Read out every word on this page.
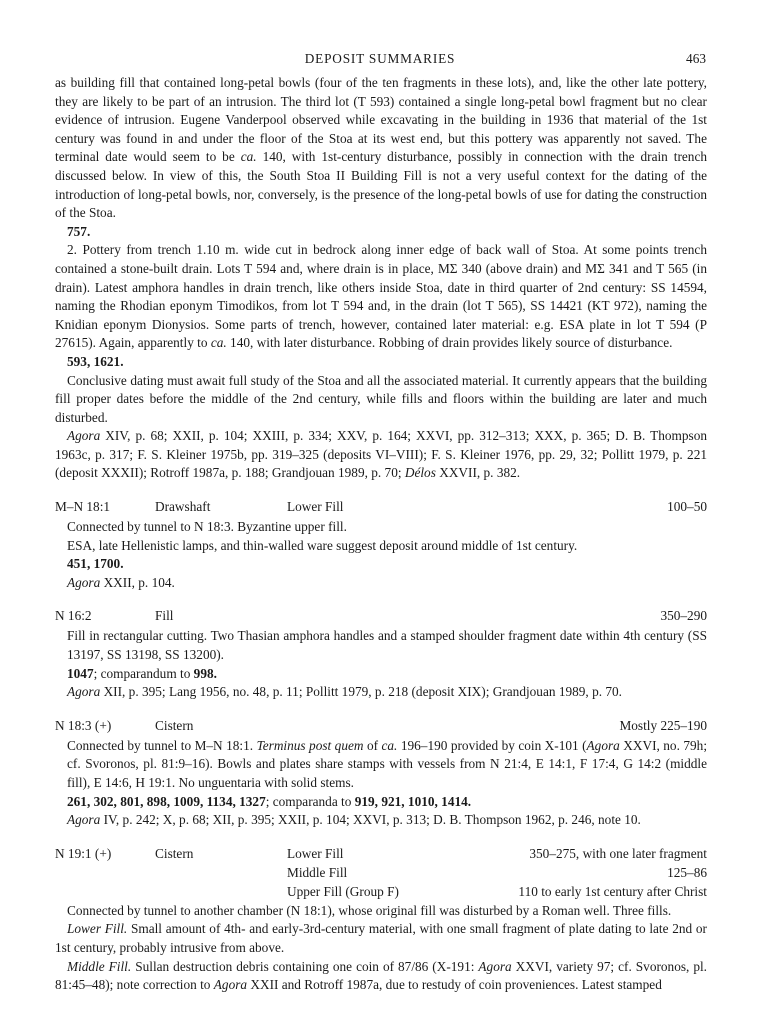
DEPOSIT SUMMARIES	463

as building fill that contained long-petal bowls (four of the ten fragments in these lots), and, like the other late pottery, they are likely to be part of an intrusion. The third lot (T 593) contained a single long-petal bowl fragment but no clear evidence of intrusion. Eugene Vanderpool observed while excavating in the building in 1936 that material of the 1st century was found in and under the floor of the Stoa at its west end, but this pottery was apparently not saved. The terminal date would seem to be ca. 140, with 1st-century disturbance, possibly in connection with the drain trench discussed below. In view of this, the South Stoa II Building Fill is not a very useful context for the dating of the introduction of long-petal bowls, nor, conversely, is the presence of the long-petal bowls of use for dating the construction of the Stoa.

757.

2. Pottery from trench 1.10 m. wide cut in bedrock along inner edge of back wall of Stoa. At some points trench contained a stone-built drain. Lots T 594 and, where drain is in place, ΜΣ 340 (above drain) and ΜΣ 341 and T 565 (in drain). Latest amphora handles in drain trench, like others inside Stoa, date in third quarter of 2nd century: SS 14594, naming the Rhodian eponym Timodikos, from lot T 594 and, in the drain (lot T 565), SS 14421 (KT 972), naming the Knidian eponym Dionysios. Some parts of trench, however, contained later material: e.g. ESA plate in lot T 594 (P 27615). Again, apparently to ca. 140, with later disturbance. Robbing of drain provides likely source of disturbance.

593, 1621.

Conclusive dating must await full study of the Stoa and all the associated material. It currently appears that the building fill proper dates before the middle of the 2nd century, while fills and floors within the building are later and much disturbed.

Agora XIV, p. 68; XXII, p. 104; XXIII, p. 334; XXV, p. 164; XXVI, pp. 312–313; XXX, p. 365; D. B. Thompson 1963c, p. 317; F. S. Kleiner 1975b, pp. 319–325 (deposits VI–VIII); F. S. Kleiner 1976, pp. 29, 32; Pollitt 1979, p. 221 (deposit XXXII); Rotroff 1987a, p. 188; Grandjouan 1989, p. 70; Délos XXVII, p. 382.

M–N 18:1	Drawshaft	Lower Fill	100–50

Connected by tunnel to N 18:3. Byzantine upper fill.

ESA, late Hellenistic lamps, and thin-walled ware suggest deposit around middle of 1st century.

451, 1700.

Agora XXII, p. 104.

N 16:2	Fill	350–290

Fill in rectangular cutting. Two Thasian amphora handles and a stamped shoulder fragment date within 4th century (SS 13197, SS 13198, SS 13200).

1047; comparandum to 998.

Agora XII, p. 395; Lang 1956, no. 48, p. 11; Pollitt 1979, p. 218 (deposit XIX); Grandjouan 1989, p. 70.

N 18:3 (+)	Cistern	Mostly 225–190

Connected by tunnel to M–N 18:1. Terminus post quem of ca. 196–190 provided by coin X-101 (Agora XXVI, no. 79h; cf. Svoronos, pl. 81:9–16). Bowls and plates share stamps with vessels from N 21:4, E 14:1, F 17:4, G 14:2 (middle fill), E 14:6, H 19:1. No unguentaria with solid stems.

261, 302, 801, 898, 1009, 1134, 1327; comparanda to 919, 921, 1010, 1414.

Agora IV, p. 242; X, p. 68; XII, p. 395; XXII, p. 104; XXVI, p. 313; D. B. Thompson 1962, p. 246, note 10.

N 19:1 (+)	Cistern	Lower Fill	350–275, with one later fragment
Middle Fill	125–86
Upper Fill (Group F)	110 to early 1st century after Christ

Connected by tunnel to another chamber (N 18:1), whose original fill was disturbed by a Roman well. Three fills.

Lower Fill. Small amount of 4th- and early-3rd-century material, with one small fragment of plate dating to late 2nd or 1st century, probably intrusive from above.

Middle Fill. Sullan destruction debris containing one coin of 87/86 (X-191: Agora XXVI, variety 97; cf. Svoronos, pl. 81:45–48); note correction to Agora XXII and Rotroff 1987a, due to restudy of coin proveniences. Latest stamped
